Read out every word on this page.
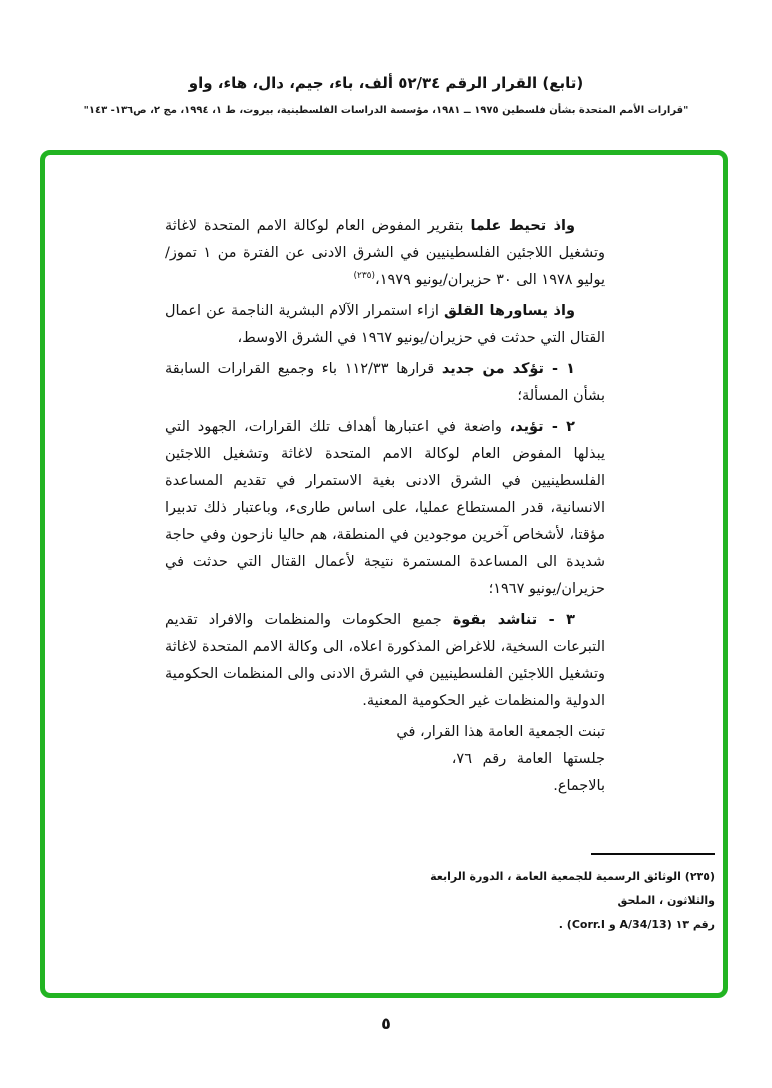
(تابع) القرار الرقم ٥٢/٣٤ ألف، باء، جيم، دال، هاء، واو
"قرارات الأمم المتحدة بشأن فلسطين ١٩٧٥ ــ ١٩٨١، مؤسسة الدراسات الفلسطينية، بيروت، ط ١، ١٩٩٤، مج ٢، ص١٣٦- ١٤٣"

واذ تحيط علما بتقرير المفوض العام لوكالة الامم المتحدة لاغاثة وتشغيل اللاجئين الفلسطينيين في الشرق الادنى عن الفترة من ١ تموز/ يوليو ١٩٧٨ الى ٣٠ حزيران/يونيو ١٩٧٩،$^{(٢٣٥)}$

واذ يساورها القلق ازاء استمرار الآلام البشرية الناجمة عن اعمال القتال التي حدثت في حزيران/يونيو ١٩٦٧ في الشرق الاوسط،

١ - تؤكد من جديد قرارها ١١٢/٣٣ باء وجميع القرارات السابقة بشأن المسألة؛

٢ - تؤيد، واضعة في اعتبارها أهداف تلك القرارات، الجهود التي يبذلها المفوض العام لوكالة الامم المتحدة لاغاثة وتشغيل اللاجئين الفلسطينيين في الشرق الادنى بغية الاستمرار في تقديم المساعدة الانسانية، قدر المستطاع عمليا، على اساس طارىء، وباعتبار ذلك تدبيرا مؤقتا، لأشخاص آخرين موجودين في المنطقة، هم حاليا نازحون وفي حاجة شديدة الى المساعدة المستمرة نتيجة لأعمال القتال التي حدثت في حزيران/يونيو ١٩٦٧؛

٣ - تناشد بقوة جميع الحكومات والمنظمات والافراد تقديم التبرعات السخية، للاغراض المذكورة اعلاه، الى وكالة الامم المتحدة لاغاثة وتشغيل اللاجئين الفلسطينيين في الشرق الادنى والى المنظمات الحكومية الدولية والمنظمات غير الحكومية المعنية.

تبنت الجمعية العامة هذا القرار، في
جلستها العامة رقم ٧٦،
بالاجماع.
(٢٣٥) الوثائق الرسمية للجمعية العامة ، الدورة الرابعة والثلاثون ، الملحق
رقم ١٣ (A/34/13 و Corr.I) .
٥
